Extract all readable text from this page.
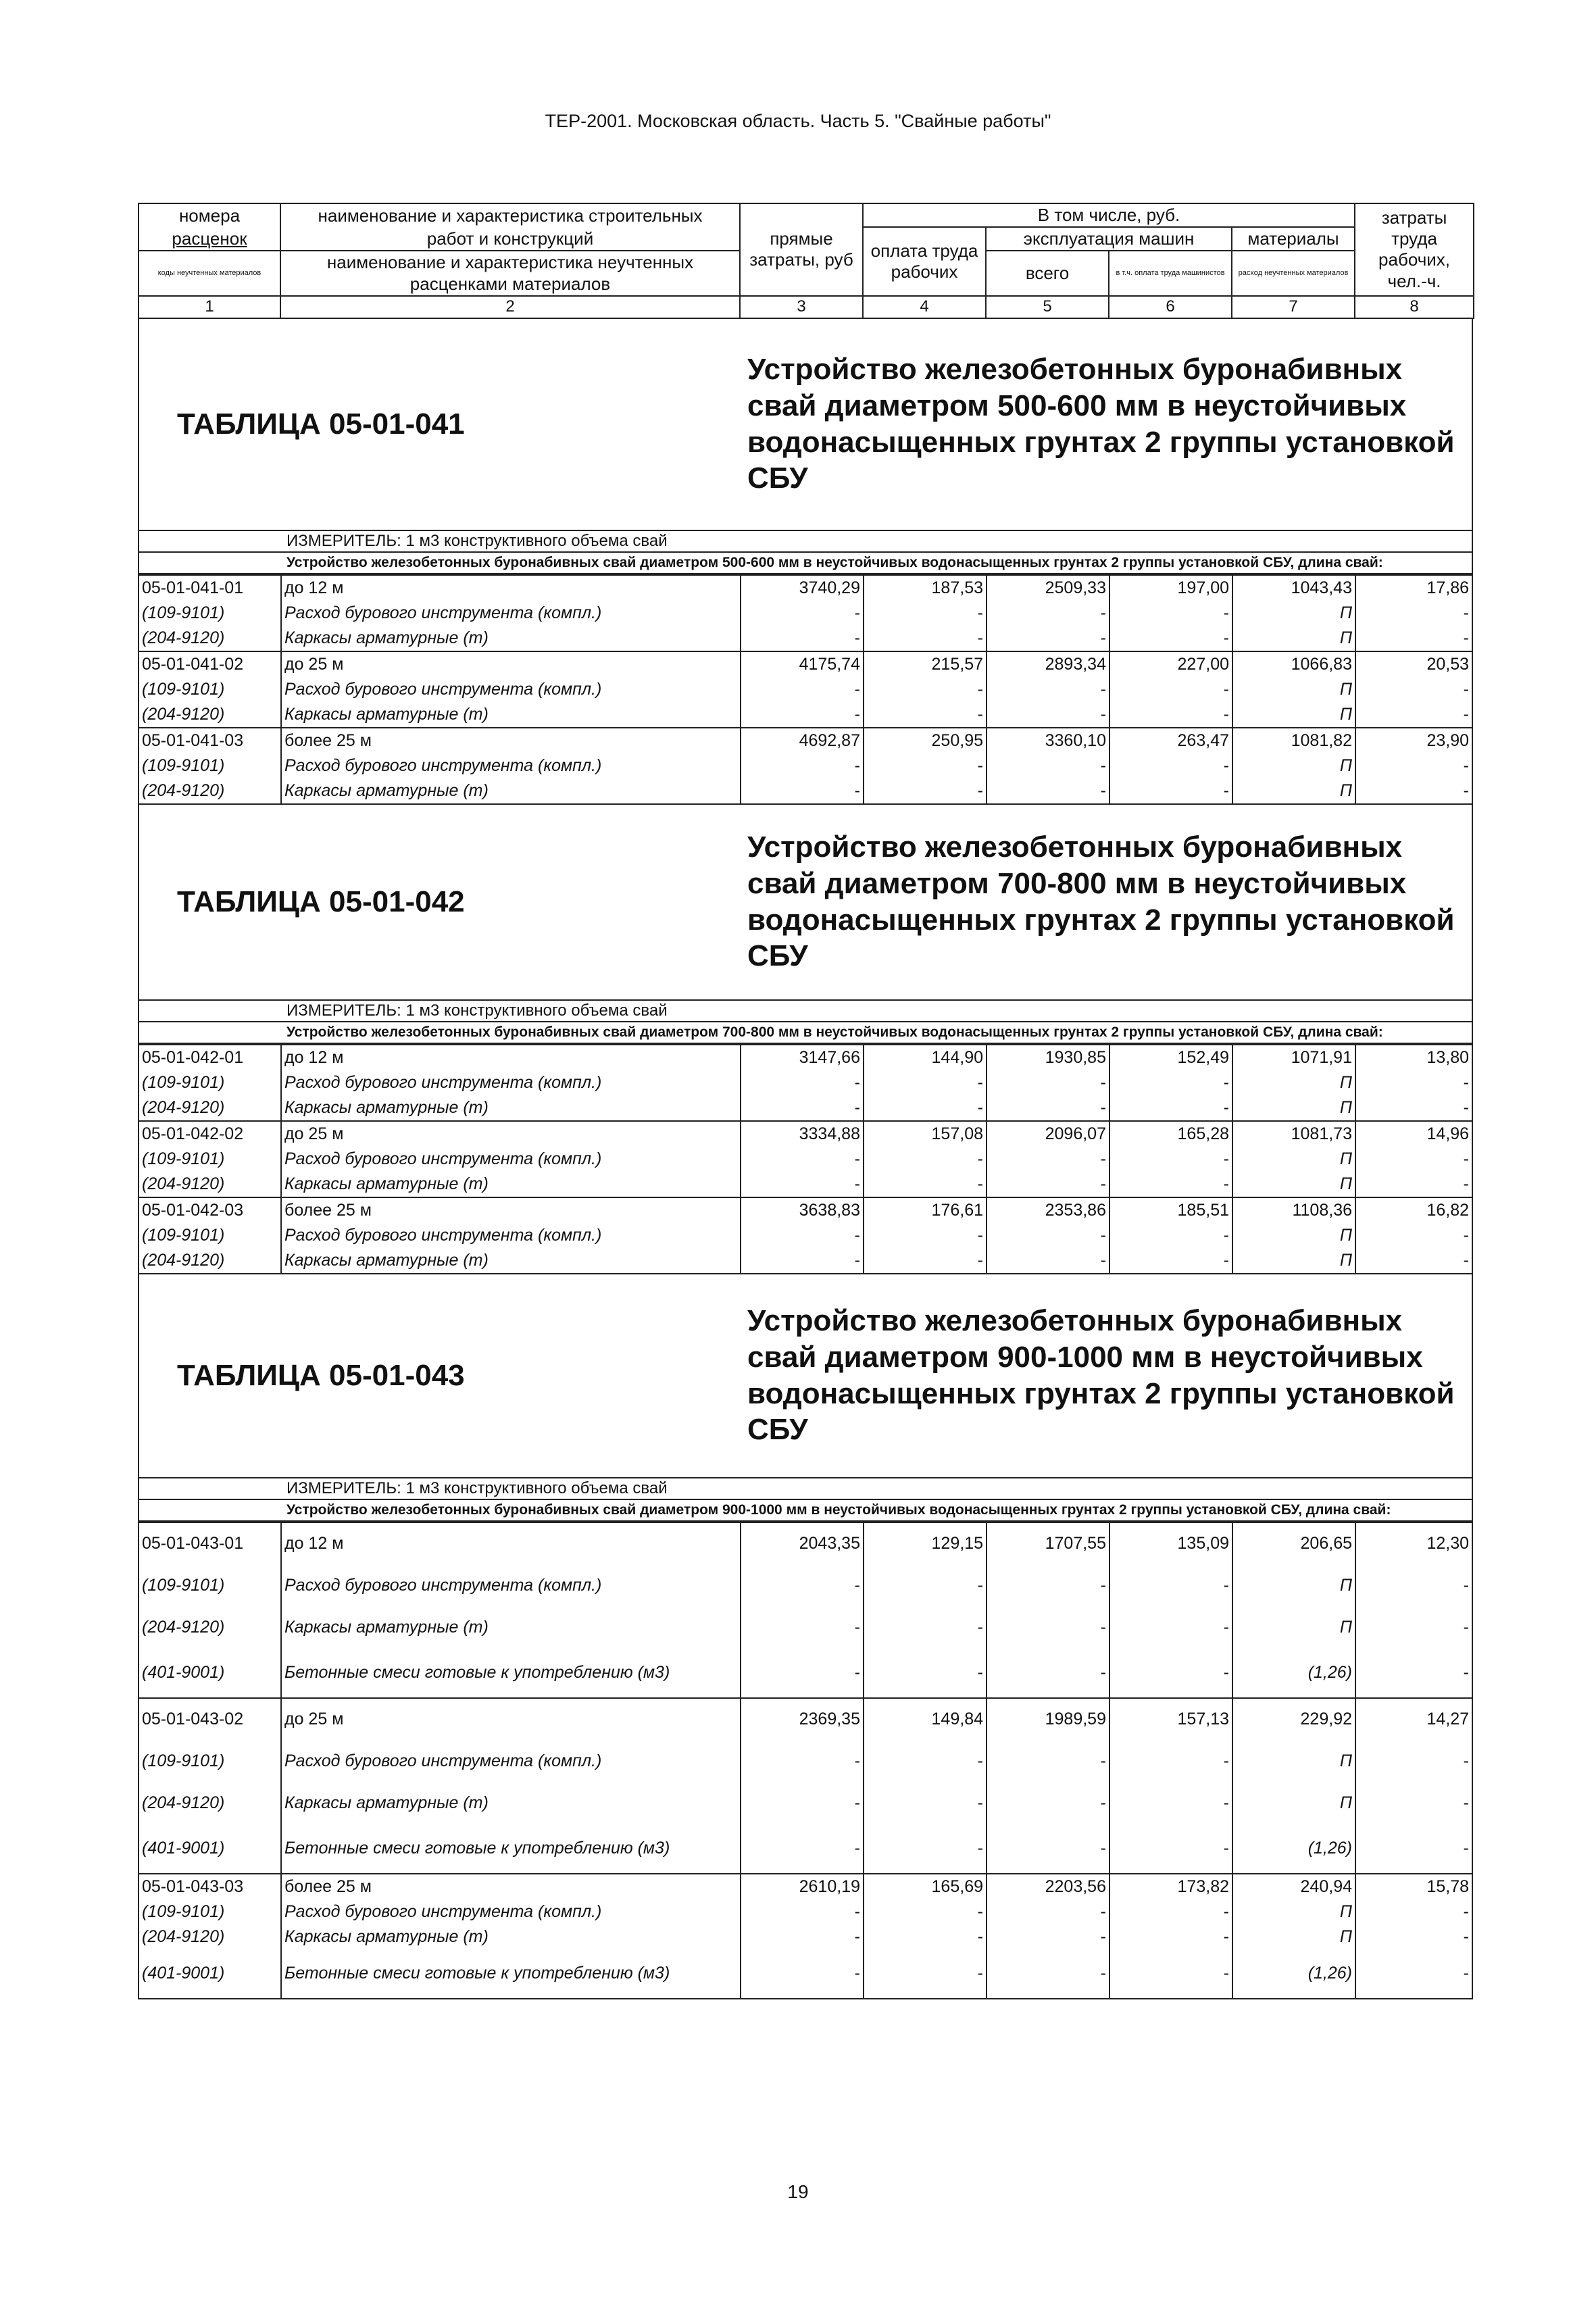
ТЕР-2001. Московская область. Часть 5. "Свайные работы"
номера	наименование и характеристика строительных	прямые затраты, руб	В том числе, руб.				затраты труда рабочих, чел.-ч.
расценок	работ и конструкций		оплата труда рабочих	эксплуатация машин		материалы	
коды неучтенных материалов	наименование и характеристика неучтенных расценками материалов			всего	в т.ч. оплата труда машинистов	расход неучтенных материалов	
1	2	3	4	5	6	7	8
ТАБЛИЦА 05-01-041
Устройство железобетонных буронабивных свай диаметром 500-600 мм в неустойчивых водонасыщенных грунтах 2 группы установкой СБУ
ИЗМЕРИТЕЛЬ: 1 м3 конструктивного объема свай
Устройство железобетонных буронабивных свай диаметром 500-600 мм в неустойчивых водонасыщенных грунтах 2 группы установкой СБУ, длина свай:
05-01-041-01	до 12 м	3740,29	187,53	2509,33	197,00	1043,43	17,86
(109-9101)	Расход бурового инструмента (компл.)	-	-	-	-	П	-
(204-9120)	Каркасы арматурные (т)	-	-	-	-	П	-
05-01-041-02	до 25 м	4175,74	215,57	2893,34	227,00	1066,83	20,53
(109-9101)	Расход бурового инструмента (компл.)	-	-	-	-	П	-
(204-9120)	Каркасы арматурные (т)	-	-	-	-	П	-
05-01-041-03	более 25 м	4692,87	250,95	3360,10	263,47	1081,82	23,90
(109-9101)	Расход бурового инструмента (компл.)	-	-	-	-	П	-
(204-9120)	Каркасы арматурные (т)	-	-	-	-	П	-
ТАБЛИЦА 05-01-042
Устройство железобетонных буронабивных свай диаметром 700-800 мм в неустойчивых водонасыщенных грунтах 2 группы установкой СБУ
ИЗМЕРИТЕЛЬ: 1 м3 конструктивного объема свай
Устройство железобетонных буронабивных свай диаметром 700-800 мм в неустойчивых водонасыщенных грунтах 2 группы установкой СБУ, длина свай:
05-01-042-01	до 12 м	3147,66	144,90	1930,85	152,49	1071,91	13,80
(109-9101)	Расход бурового инструмента (компл.)	-	-	-	-	П	-
(204-9120)	Каркасы арматурные (т)	-	-	-	-	П	-
05-01-042-02	до 25 м	3334,88	157,08	2096,07	165,28	1081,73	14,96
(109-9101)	Расход бурового инструмента (компл.)	-	-	-	-	П	-
(204-9120)	Каркасы арматурные (т)	-	-	-	-	П	-
05-01-042-03	более 25 м	3638,83	176,61	2353,86	185,51	1108,36	16,82
(109-9101)	Расход бурового инструмента (компл.)	-	-	-	-	П	-
(204-9120)	Каркасы арматурные (т)	-	-	-	-	П	-
ТАБЛИЦА 05-01-043
Устройство железобетонных буронабивных свай диаметром 900-1000 мм в неустойчивых водонасыщенных грунтах 2 группы установкой СБУ
ИЗМЕРИТЕЛЬ: 1 м3 конструктивного объема свай
Устройство железобетонных буронабивных свай диаметром 900-1000 мм в неустойчивых водонасыщенных грунтах 2 группы установкой СБУ, длина свай:
05-01-043-01	до 12 м	2043,35	129,15	1707,55	135,09	206,65	12,30
(109-9101)	Расход бурового инструмента (компл.)	-	-	-	-	П	-
(204-9120)	Каркасы арматурные (т)	-	-	-	-	П	-
(401-9001)	Бетонные смеси готовые к употреблению (м3)	-	-	-	-	(1,26)	-
05-01-043-02	до 25 м	2369,35	149,84	1989,59	157,13	229,92	14,27
(109-9101)	Расход бурового инструмента (компл.)	-	-	-	-	П	-
(204-9120)	Каркасы арматурные (т)	-	-	-	-	П	-
(401-9001)	Бетонные смеси готовые к употреблению (м3)	-	-	-	-	(1,26)	-
05-01-043-03	более 25 м	2610,19	165,69	2203,56	173,82	240,94	15,78
(109-9101)	Расход бурового инструмента (компл.)	-	-	-	-	П	-
(204-9120)	Каркасы арматурные (т)	-	-	-	-	П	-
(401-9001)	Бетонные смеси готовые к употреблению (м3)	-	-	-	-	(1,26)	-
19
